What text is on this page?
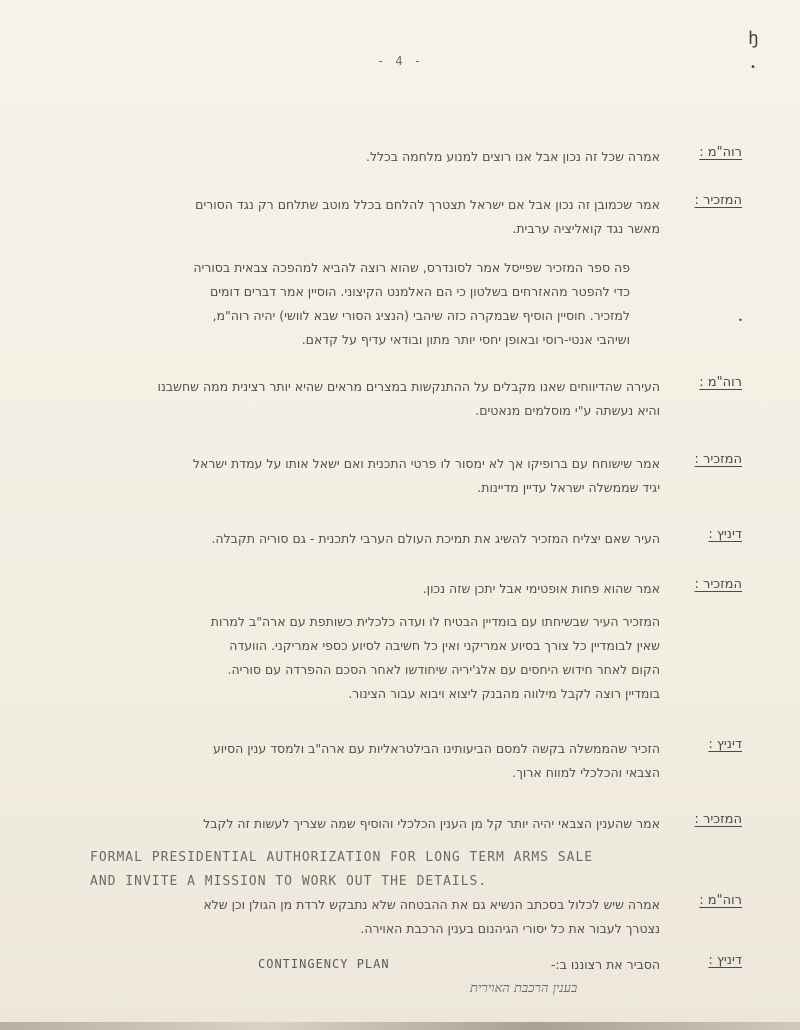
- 4 -
רוה"מ :
אמרה שכל זה נכון אבל אנו רוצים למנוע מלחמה בכלל.
המזכיר :
אמר שכמובן זה נכון אבל אם ישראל תצטרך להלחם בכלל מוטב שתלחם רק נגד הסורים
מאשר נגד קואליציה ערבית.
פה ספר המזכיר שפייסל אמר לסונדרס, שהוא רוצה להביא למהפכה צבאית בסוריה
כדי להפטר מהאזרחים בשלטון כי הם האלמנט הקיצוני. הוסיין אמר דברים דומים
למזכיר. חוסיין הוסיף שבמקרה כזה שיהבי (הנציג הסורי שבא לוושי) יהיה רוה"מ,
ושיהבי אנטי-רוסי ובאופן יחסי יותר מתון ובודאי עדיף על קדאם.
רוה"מ :
העירה שהדיווחים שאנו מקבלים על ההתנקשות במצרים מראים שהיא יותר רצינית ממה שחשבנו
והיא נעשתה ע"י מוסלמים מנאטים.
המזכיר :
אמר שישוחח עם ברופיקו אך לא ימסור לו פרטי התכנית ואם ישאל אותו על עמדת ישראל
יגיד שממשלה ישראל עדיין מדיינות.
דיניץ :
העיר שאם יצליח המזכיר להשיג את תמיכת העולם הערבי לתכנית - גם סוריה תקבלה.
המזכיר :
אמר שהוא פחות אופטימי אבל יתכן שזה נכון.
המזכיר העיר שבשיחתו עם בומדיין הבטיח לו ועדה כלכלית כשותפת עם ארה"ב למרות
שאין לבומדיין כל צורך בסיוע אמריקני ואין כל חשיבה לסיוע כספי אמריקני. הוועדה
הקום לאחר חידוש היחסים עם אלג'יריה שיחודשו לאחר הסכם ההפרדה עם סוריה.
בומדיין רוצה לקבל מילווה מהבנק ליצוא ויבוא עבור הצינור.
דיניץ :
הזכיר שהממשלה בקשה למסם הביעותינו הבילטראליות עם ארה"ב ולמסד ענין הסיוע
הצבאי והכלכלי למווח ארוך.
המזכיר :
אמר שהענין הצבאי יהיה יותר קל מן הענין הכלכלי והוסיף שמה שצריך לעשות זה לקבל
FORMAL PRESIDENTIAL AUTHORIZATION FOR LONG TERM ARMS SALE
AND INVITE A MISSION TO WORK OUT THE DETAILS.
רוה"מ :
אמרה שיש לכלול בסכתב הנשיא גם את ההבטחה שלא נתבקש לרדת מן הגולן וכן שלא
נצטרך לעבור את כל יסורי הגיהנום בענין הרכבת האוירה.
דיניץ :
הסביר את רצוננו ב:-
CONTINGENCY PLAN
בענין הרכבת האוירית
ꜧ
•
•
